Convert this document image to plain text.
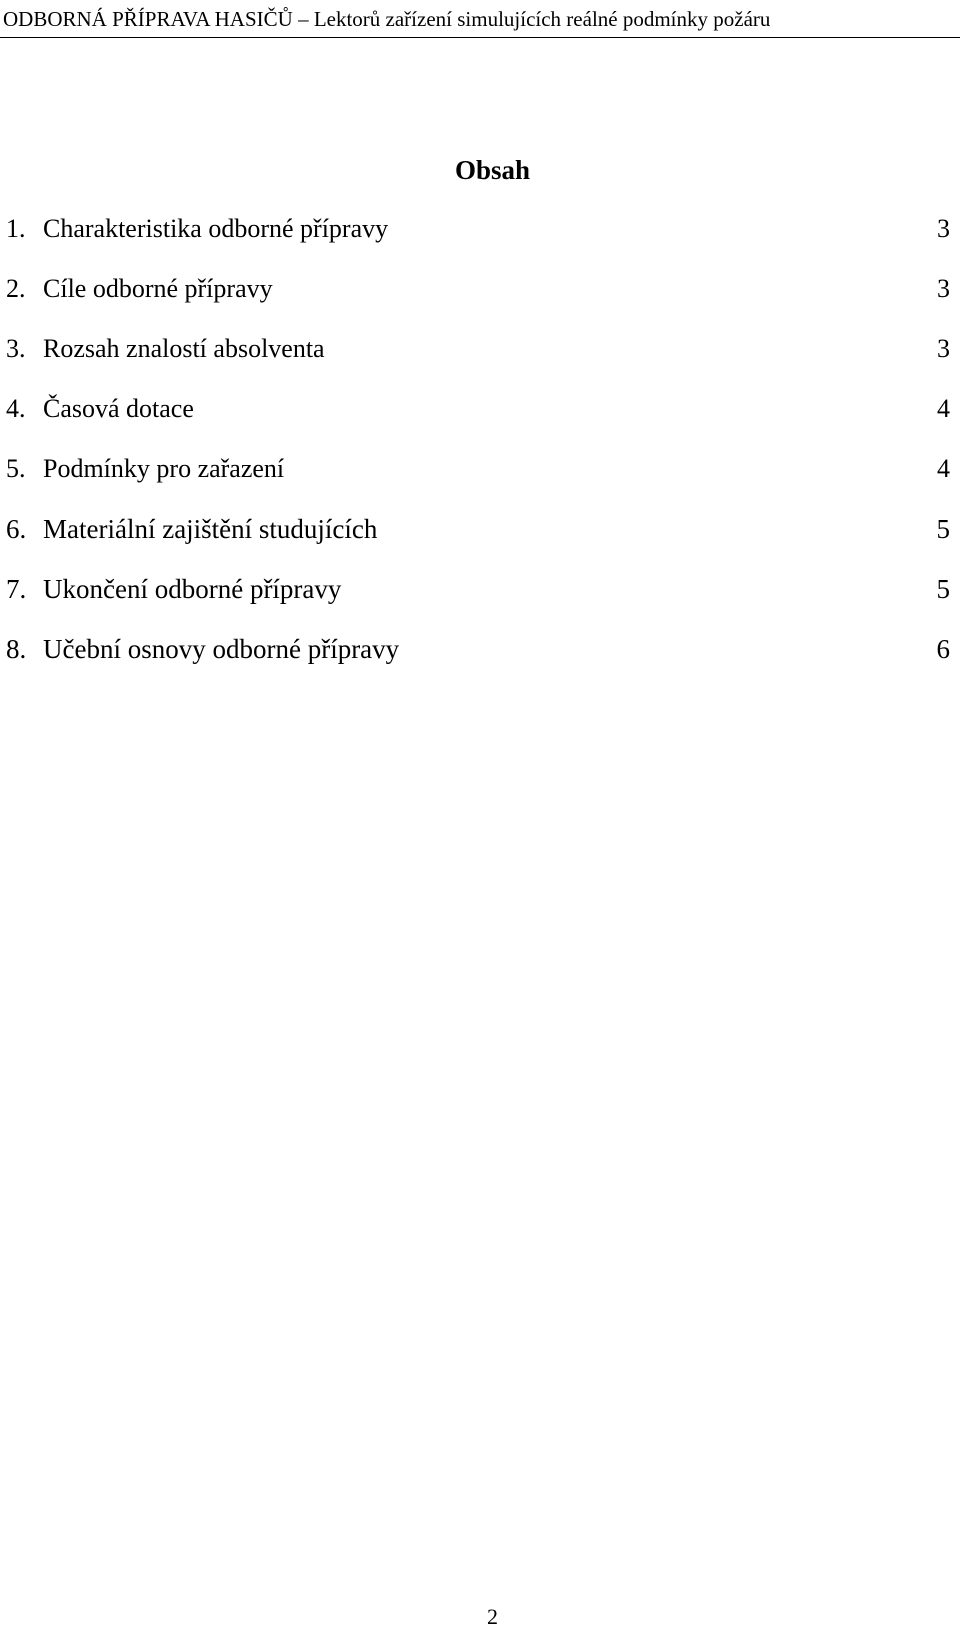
ODBORNÁ PŘÍPRAVA HASIČŮ – Lektorů zařízení simulujících reálné podmínky požáru
Obsah
1. Charakteristika odborné přípravy	3
2. Cíle odborné přípravy	3
3. Rozsah znalostí absolventa	3
4. Časová dotace	4
5. Podmínky pro zařazení	4
6. Materiální zajištění studujících	5
7. Ukončení odborné přípravy	5
8. Učební osnovy odborné přípravy	6
2
